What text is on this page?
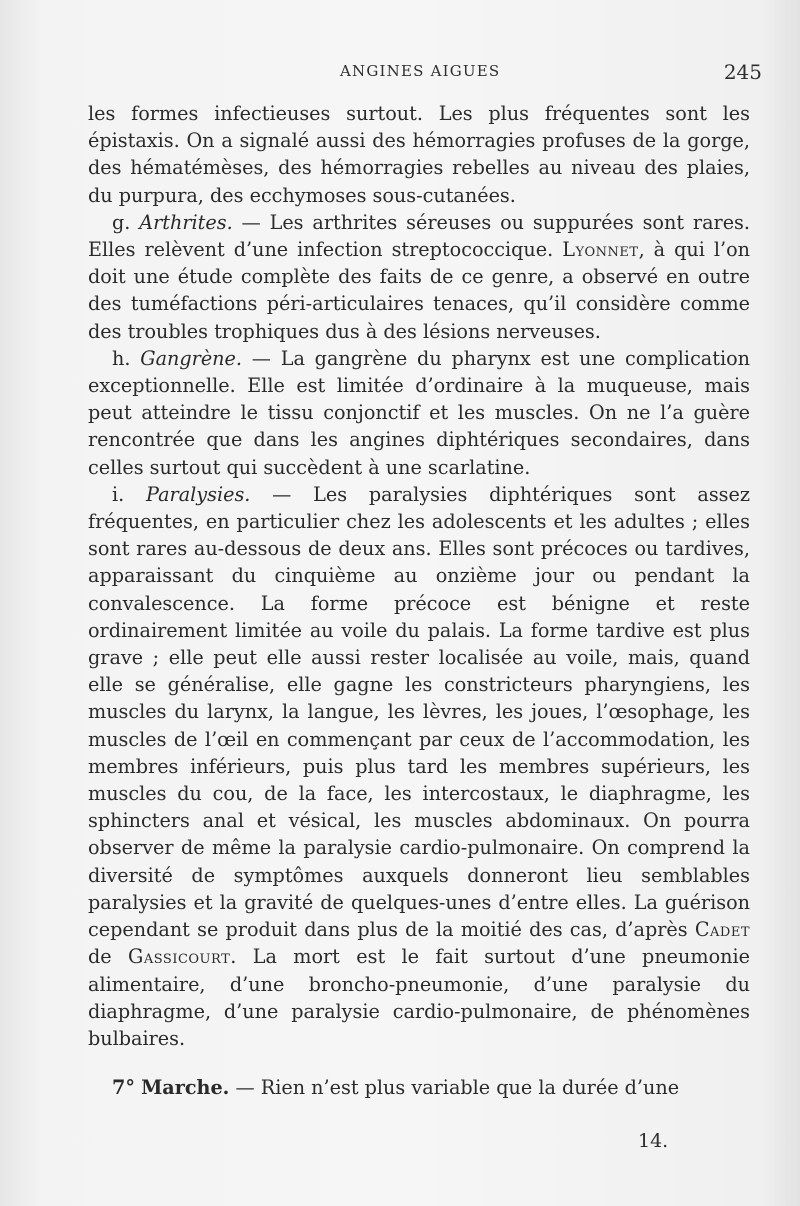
ANGINES AIGUES	245

les formes infectieuses surtout. Les plus fréquentes sont les épistaxis. On a signalé aussi des hémorragies profuses de la gorge, des hématémèses, des hémorragies rebelles au niveau des plaies, du purpura, des ecchymoses sous-cutanées.

g. Arthrites. — Les arthrites séreuses ou suppurées sont rares. Elles relèvent d’une infection streptococcique. Lyonnet, à qui l’on doit une étude complète des faits de ce genre, a observé en outre des tuméfactions péri-articulaires tenaces, qu’il considère comme des troubles trophiques dus à des lésions nerveuses.

h. Gangrène. — La gangrène du pharynx est une complication exceptionnelle. Elle est limitée d’ordinaire à la muqueuse, mais peut atteindre le tissu conjonctif et les muscles. On ne l’a guère rencontrée que dans les angines diphtériques secondaires, dans celles surtout qui succèdent à une scarlatine.

i. Paralysies. — Les paralysies diphtériques sont assez fréquentes, en particulier chez les adolescents et les adultes ; elles sont rares au-dessous de deux ans. Elles sont précoces ou tardives, apparaissant du cinquième au onzième jour ou pendant la convalescence. La forme précoce est bénigne et reste ordinairement limitée au voile du palais. La forme tardive est plus grave ; elle peut elle aussi rester localisée au voile, mais, quand elle se généralise, elle gagne les constricteurs pharyngiens, les muscles du larynx, la langue, les lèvres, les joues, l’œsophage, les muscles de l’œil en commençant par ceux de l’accommodation, les membres inférieurs, puis plus tard les membres supérieurs, les muscles du cou, de la face, les intercostaux, le diaphragme, les sphincters anal et vésical, les muscles abdominaux. On pourra observer de même la paralysie cardio-pulmonaire. On comprend la diversité de symptômes auxquels donneront lieu semblables paralysies et la gravité de quelques-unes d’entre elles. La guérison cependant se produit dans plus de la moitié des cas, d’après Cadet de Gassicourt. La mort est le fait surtout d’une pneumonie alimentaire, d’une broncho-pneumonie, d’une paralysie du diaphragme, d’une paralysie cardio-pulmonaire, de phénomènes bulbaires.

7° Marche. — Rien n’est plus variable que la durée d’une

14.
